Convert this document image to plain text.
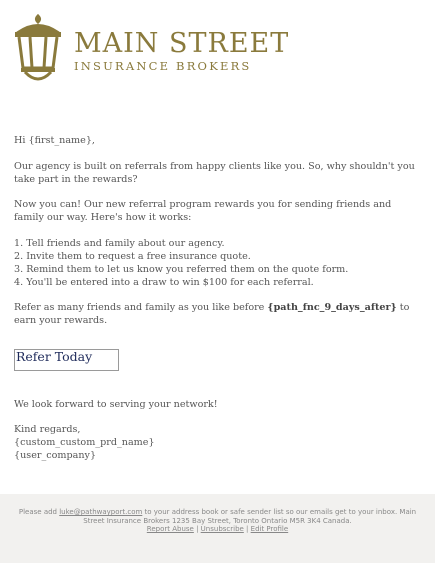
MAIN STREET
INSURANCE BROKERS

Hi {first_name},

Our agency is built on referrals from happy clients like you. So, why shouldn't you take part in the rewards?

Now you can! Our new referral program rewards you for sending friends and family our way. Here's how it works:

1. Tell friends and family about our agency.
2. Invite them to request a free insurance quote.
3. Remind them to let us know you referred them on the quote form.
4. You'll be entered into a draw to win $100 for each referral.

Refer as many friends and family as you like before {path_fnc_9_days_after} to earn your rewards.

Refer Today

We look forward to serving your network!

Kind regards,
{custom_custom_prd_name}
{user_company}
Please add luke@pathwayport.com to your address book or safe sender list so our emails get to your inbox. Main Street Insurance Brokers 1235 Bay Street, Toronto Ontario M5R 3K4 Canada.
Report Abuse | Unsubscribe | Edit Profile
